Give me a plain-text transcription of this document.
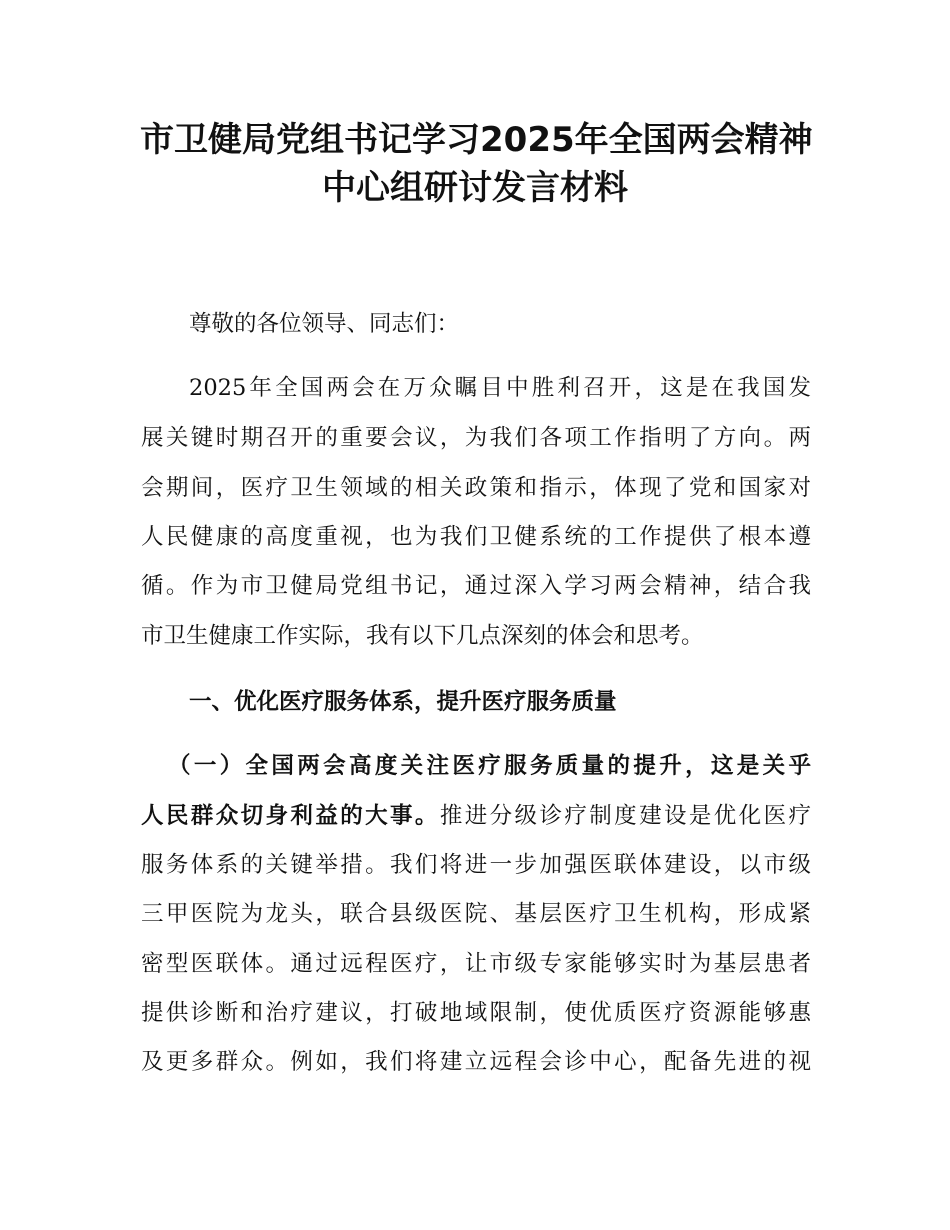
市卫健局党组书记学习2025年全国两会精神
中心组研讨发言材料
尊敬的各位领导、同志们：
2025年全国两会在万众瞩目中胜利召开，这是在我国发
展关键时期召开的重要会议，为我们各项工作指明了方向。两
会期间，医疗卫生领域的相关政策和指示，体现了党和国家对
人民健康的高度重视，也为我们卫健系统的工作提供了根本遵
循。作为市卫健局党组书记，通过深入学习两会精神，结合我
市卫生健康工作实际，我有以下几点深刻的体会和思考。
一、优化医疗服务体系，提升医疗服务质量
（一）全国两会高度关注医疗服务质量的提升，这是关乎
人民群众切身利益的大事。推进分级诊疗制度建设是优化医疗
服务体系的关键举措。我们将进一步加强医联体建设，以市级
三甲医院为龙头，联合县级医院、基层医疗卫生机构，形成紧
密型医联体。通过远程医疗，让市级专家能够实时为基层患者
提供诊断和治疗建议，打破地域限制，使优质医疗资源能够惠
及更多群众。例如，我们将建立远程会诊中心，配备先进的视
